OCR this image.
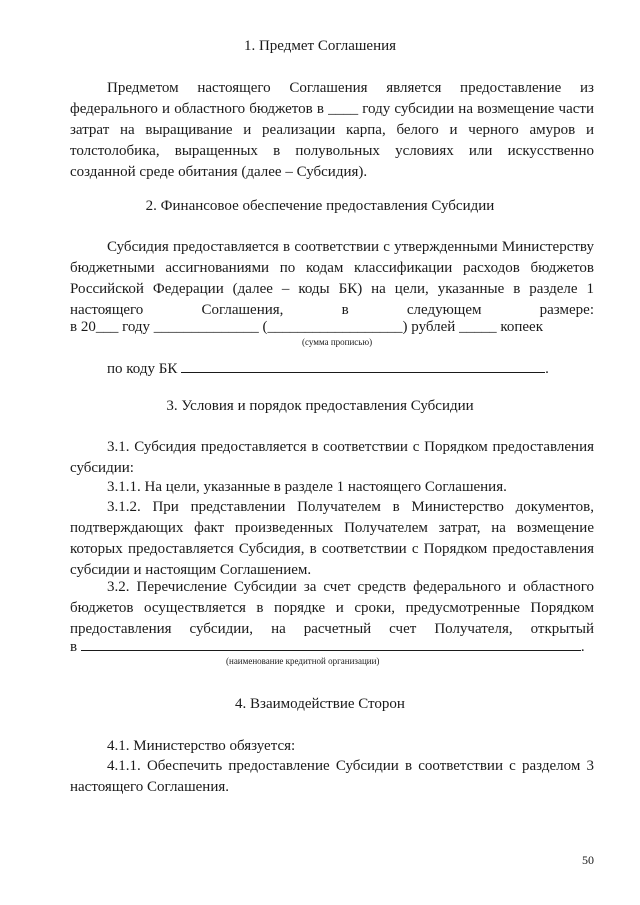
1. Предмет Соглашения

Предметом настоящего Соглашения является предоставление из федерального и областного бюджетов в ____ году субсидии на возмещение части затрат на выращивание и реализации карпа, белого и черного амуров и толстолобика, выращенных в полувольных условиях или искусственно созданной среде обитания (далее – Субсидия).

2. Финансовое обеспечение предоставления Субсидии

Субсидия предоставляется в соответствии с утвержденными Министерству бюджетными ассигнованиями по кодам классификации расходов бюджетов Российской Федерации (далее – коды БК) на цели, указанные в разделе 1 настоящего Соглашения, в следующем размере:

в 20___ году ______________ (__________________) рублей _____ копеек
(сумма прописью)
по коду БК	.
3. Условия и порядок предоставления Субсидии

3.1. Субсидия предоставляется в соответствии с Порядком предоставления субсидии:

3.1.1. На цели, указанные в разделе 1 настоящего Соглашения.

3.1.2. При представлении Получателем в Министерство документов, подтверждающих факт произведенных Получателем затрат, на возмещение которых предоставляется Субсидия, в соответствии с Порядком предоставления субсидии и настоящим Соглашением.

3.2. Перечисление Субсидии за счет средств федерального и областного бюджетов осуществляется в порядке и сроки, предусмотренные Порядком предоставления субсидии, на расчетный счет Получателя, открытый

в	.
(наименование кредитной организации)
4. Взаимодействие Сторон

4.1. Министерство обязуется:

4.1.1. Обеспечить предоставление Субсидии в соответствии с разделом 3 настоящего Соглашения.

50
